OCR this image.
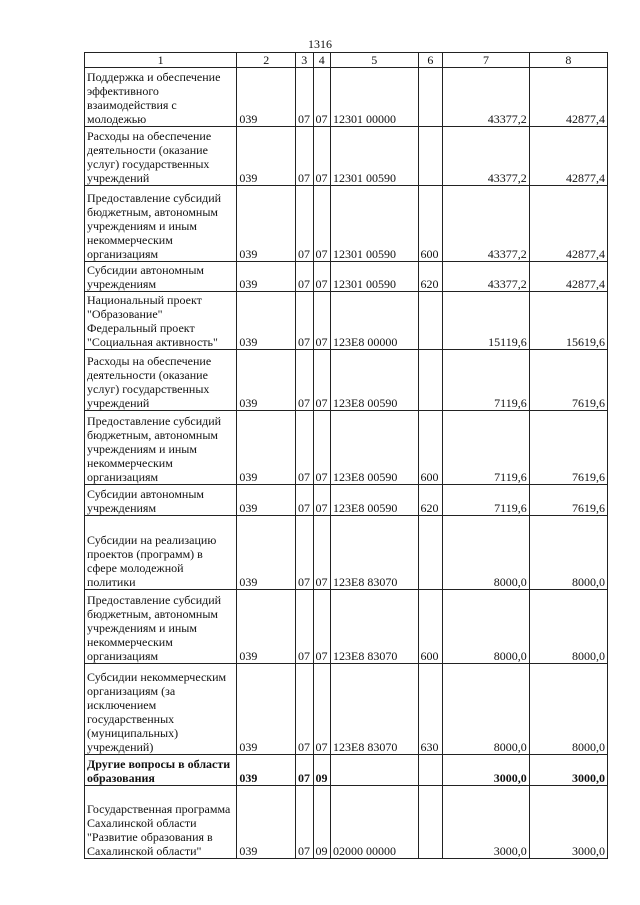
1316
1	2	3	4	5	6	7	8
Поддержка и обеспечение эффективного взаимодействия с молодежью	039	07	07	12301 00000		43377,2	42877,4
Расходы на обеспечение деятельности (оказание услуг) государственных учреждений	039	07	07	12301 00590		43377,2	42877,4
Предоставление субсидий бюджетным, автономным учреждениям и иным некоммерческим организациям	039	07	07	12301 00590	600	43377,2	42877,4
Субсидии автономным учреждениям	039	07	07	12301 00590	620	43377,2	42877,4
Национальный проект "Образование" Федеральный проект "Социальная активность"	039	07	07	123E8 00000		15119,6	15619,6
Расходы на обеспечение деятельности (оказание услуг) государственных учреждений	039	07	07	123E8 00590		7119,6	7619,6
Предоставление субсидий бюджетным, автономным учреждениям и иным некоммерческим организациям	039	07	07	123E8 00590	600	7119,6	7619,6
Субсидии автономным учреждениям	039	07	07	123E8 00590	620	7119,6	7619,6
Субсидии на реализацию проектов (программ) в сфере молодежной политики	039	07	07	123E8 83070		8000,0	8000,0
Предоставление субсидий бюджетным, автономным учреждениям и иным некоммерческим организациям	039	07	07	123E8 83070	600	8000,0	8000,0
Субсидии некоммерческим организациям (за исключением государственных (муниципальных) учреждений)	039	07	07	123E8 83070	630	8000,0	8000,0
Другие вопросы в области образования	039	07	09			3000,0	3000,0
Государственная программа Сахалинской области "Развитие образования в Сахалинской области"	039	07	09	02000 00000		3000,0	3000,0
